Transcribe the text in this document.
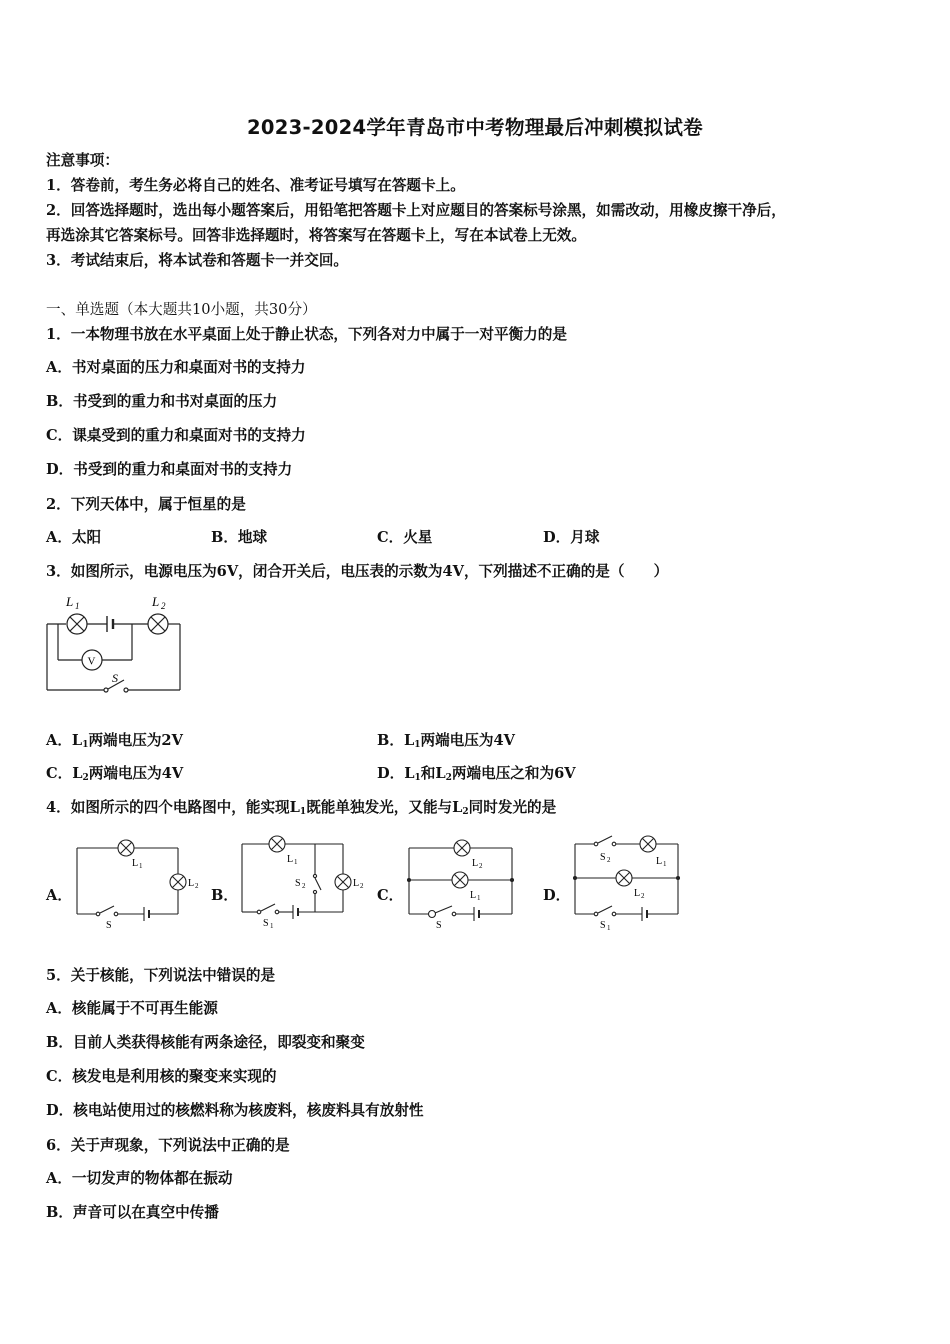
2023-2024学年青岛市中考物理最后冲刺模拟试卷
注意事项：
1．答卷前，考生务必将自己的姓名、准考证号填写在答题卡上。
2．回答选择题时，选出每小题答案后，用铅笔把答题卡上对应题目的答案标号涂黑，如需改动，用橡皮擦干净后，
再选涂其它答案标号。回答非选择题时，将答案写在答题卡上，写在本试卷上无效。
3．考试结束后，将本试卷和答题卡一并交回。
一、单选题（本大题共10小题，共30分）
1．一本物理书放在水平桌面上处于静止状态，下列各对力中属于一对平衡力的是
A．书对桌面的压力和桌面对书的支持力
B．书受到的重力和书对桌面的压力
C．课桌受到的重力和桌面对书的支持力
D．书受到的重力和桌面对书的支持力
2．下列天体中，属于恒星的是
A．太阳	B．地球	C．火星	D．月球
3．如图所示，电源电压为6V，闭合开关后，电压表的示数为4V，下列描述不正确的是（　　）
L 1	L 2
V
S
A．$L_1$两端电压为2V	B．$L_1$两端电压为4V
C．$L_2$两端电压为4V	D．$L_1$和$L_2$两端电压之和为6V
4．如图所示的四个电路图中，能实现$L_1$既能单独发光，又能与$L_2$同时发光的是
A．	B．	C．	D．
L 1
L 2
S
L 1
L 2
S 2
S 1
L 2
L 1
S
S 2	L 1
L 2
S 1
5．关于核能，下列说法中错误的是
A．核能属于不可再生能源
B．目前人类获得核能有两条途径，即裂变和聚变
C．核发电是利用核的聚变来实现的
D．核电站使用过的核燃料称为核废料，核废料具有放射性
6．关于声现象，下列说法中正确的是
A．一切发声的物体都在振动
B．声音可以在真空中传播
